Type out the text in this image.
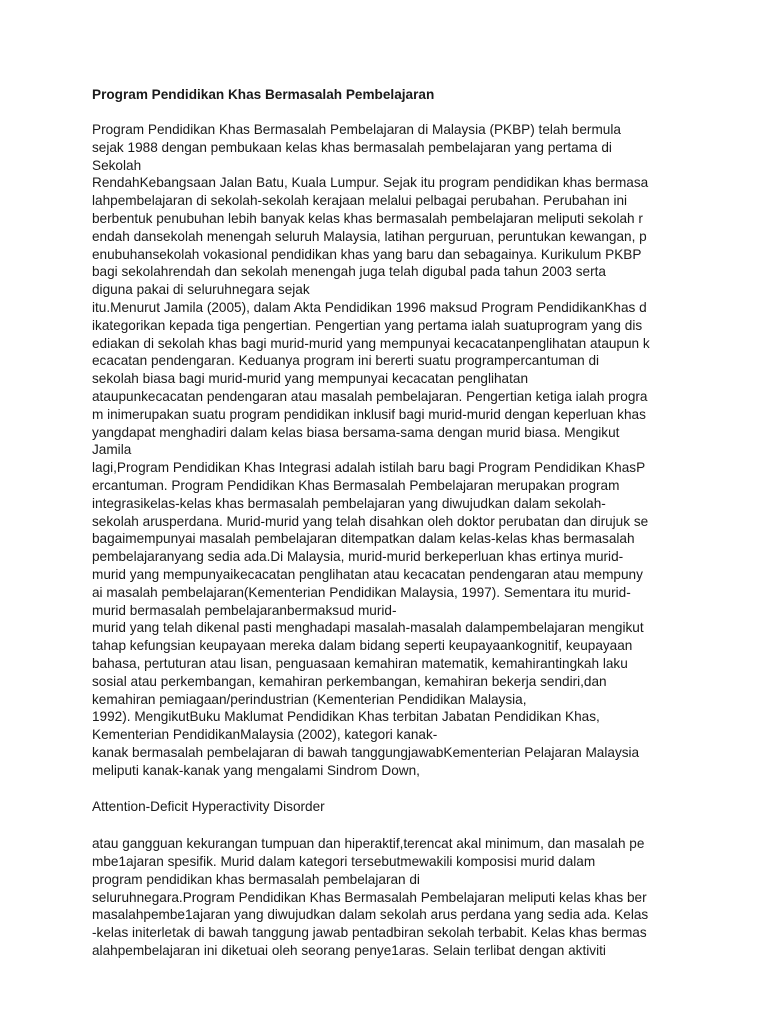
Program Pendidikan Khas Bermasalah Pembelajaran
Program Pendidikan Khas Bermasalah Pembelajaran di Malaysia (PKBP) telah bermula
sejak 1988 dengan pembukaan kelas khas bermasalah pembelajaran yang pertama di
Sekolah
RendahKebangsaan Jalan Batu, Kuala Lumpur. Sejak itu program pendidikan khas bermasa
lahpembelajaran di sekolah-sekolah kerajaan melalui pelbagai perubahan. Perubahan ini
berbentuk penubuhan lebih banyak kelas khas bermasalah pembelajaran meliputi sekolah r
endah dansekolah menengah seluruh Malaysia, latihan perguruan, peruntukan kewangan, p
enubuhansekolah vokasional pendidikan khas yang baru dan sebagainya. Kurikulum PKBP
bagi sekolahrendah dan sekolah menengah juga telah digubal pada tahun 2003 serta
diguna pakai di seluruhnegara sejak
itu.Menurut Jamila (2005), dalam Akta Pendidikan 1996 maksud Program PendidikanKhas d
ikategorikan kepada tiga pengertian. Pengertian yang pertama ialah suatuprogram yang dis
ediakan di sekolah khas bagi murid-murid yang mempunyai kecacatanpenglihatan ataupun k
ecacatan pendengaran. Keduanya program ini bererti suatu programpercantuman di
sekolah biasa bagi murid-murid yang mempunyai kecacatan penglihatan
ataupunkecacatan pendengaran atau masalah pembelajaran. Pengertian ketiga ialah progra
m inimerupakan suatu program pendidikan inklusif bagi murid-murid dengan keperluan khas
yangdapat menghadiri dalam kelas biasa bersama-sama dengan murid biasa. Mengikut
Jamila
lagi,Program Pendidikan Khas Integrasi adalah istilah baru bagi Program Pendidikan KhasP
ercantuman. Program Pendidikan Khas Bermasalah Pembelajaran merupakan program
integrasikelas-kelas khas bermasalah pembelajaran yang diwujudkan dalam sekolah-
sekolah arusperdana. Murid-murid yang telah disahkan oleh doktor perubatan dan dirujuk se
bagaimempunyai masalah pembelajaran ditempatkan dalam kelas-kelas khas bermasalah
pembelajaranyang sedia ada.Di Malaysia, murid-murid berkeperluan khas ertinya murid-
murid yang mempunyaikecacatan penglihatan atau kecacatan pendengaran atau mempuny
ai masalah pembelajaran(Kementerian Pendidikan Malaysia, 1997). Sementara itu murid-
murid bermasalah pembelajaranbermaksud murid-
murid yang telah dikenal pasti menghadapi masalah-masalah dalampembelajaran mengikut
tahap kefungsian keupayaan mereka dalam bidang seperti keupayaankognitif, keupayaan
bahasa, pertuturan atau lisan, penguasaan kemahiran matematik, kemahirantingkah laku
sosial atau perkembangan, kemahiran perkembangan, kemahiran bekerja sendiri,dan
kemahiran pemiagaan/perindustrian (Kementerian Pendidikan Malaysia,
1992). MengikutBuku Maklumat Pendidikan Khas terbitan Jabatan Pendidikan Khas,
Kementerian PendidikanMalaysia (2002), kategori kanak-
kanak bermasalah pembelajaran di bawah tanggungjawabKementerian Pelajaran Malaysia
meliputi kanak-kanak yang mengalami Sindrom Down,
Attention-Deficit Hyperactivity Disorder
atau gangguan kekurangan tumpuan dan hiperaktif,terencat akal minimum, dan masalah pe
mbe1ajaran spesifik. Murid dalam kategori tersebutmewakili komposisi murid dalam
program pendidikan khas bermasalah pembelajaran di
seluruhnegara.Program Pendidikan Khas Bermasalah Pembelajaran meliputi kelas khas ber
masalahpembe1ajaran yang diwujudkan dalam sekolah arus perdana yang sedia ada. Kelas
-kelas initerletak di bawah tanggung jawab pentadbiran sekolah terbabit. Kelas khas bermas
alahpembelajaran ini diketuai oleh seorang penye1aras. Selain terlibat dengan aktiviti
